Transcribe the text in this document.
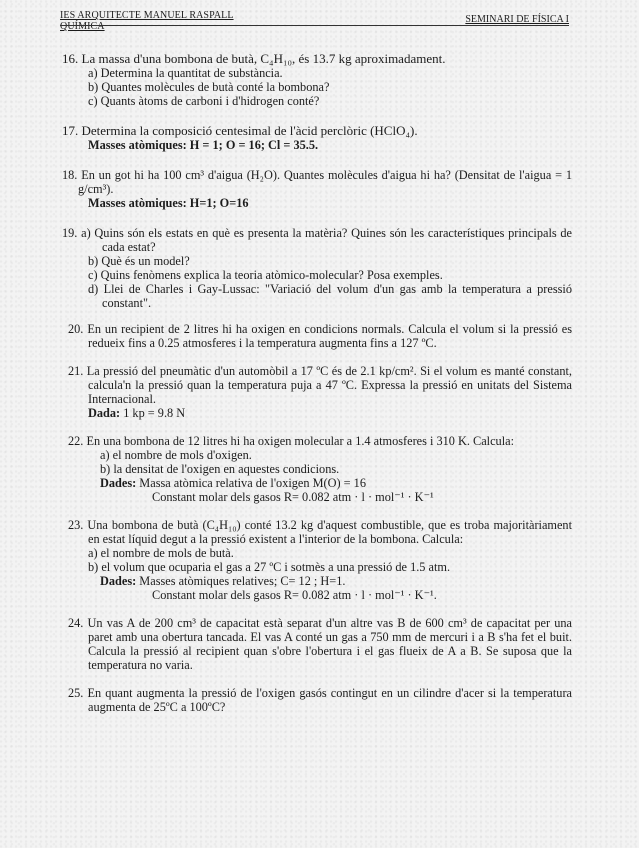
IES ARQUITECTE MANUEL RASPALL
QUÍMICA
SEMINARI DE FÍSICA I

16. La massa d'una bombona de butà, C₄H₁₀, és 13.7 kg aproximadament.

a) Determina la quantitat de substància.

b) Quantes molècules de butà conté la bombona?

c) Quants àtoms de carboni i d'hidrogen conté?

17. Determina la composició centesimal de l'àcid perclòric (HClO₄).

Masses atòmiques: H = 1; O = 16; Cl = 35.5.

18. En un got hi ha 100 cm³ d'aigua (H₂O). Quantes molècules d'aigua hi ha? (Densitat de l'aigua = 1 g/cm³).

Masses atòmiques: H=1; O=16

19. a) Quins són els estats en què es presenta la matèria? Quines són les característiques principals de cada estat?

b) Què és un model?

c) Quins fenòmens explica la teoria atòmico-molecular? Posa exemples.

d) Llei de Charles i Gay-Lussac: "Variació del volum d'un gas amb la temperatura a pressió constant".

20. En un recipient de 2 litres hi ha oxigen en condicions normals. Calcula el volum si la pressió es redueix fins a 0.25 atmosferes i la temperatura augmenta fins a 127 ºC.

21. La pressió del pneumàtic d'un automòbil a 17 ºC és de 2.1 kp/cm². Si el volum es manté constant, calcula'n la pressió quan la temperatura puja a 47 ºC. Expressa la pressió en unitats del Sistema Internacional.

Dada: 1 kp = 9.8 N

22. En una bombona de 12 litres hi ha oxigen molecular a 1.4 atmosferes i 310 K. Calcula:

a) el nombre de mols d'oxigen.

b) la densitat de l'oxigen en aquestes condicions.

Dades: Massa atòmica relativa de l'oxigen M(O) = 16

Constant molar dels gasos R= 0.082 atm · l · mol⁻¹ · K⁻¹

23. Una bombona de butà (C₄H₁₀) conté 13.2 kg d'aquest combustible, que es troba majoritàriament en estat líquid degut a la pressió existent a l'interior de la bombona. Calcula:

a) el nombre de mols de butà.

b) el volum que ocuparia el gas a 27 ºC i sotmès a una pressió de 1.5 atm.

Dades: Masses atòmiques relatives; C= 12 ; H=1.

Constant molar dels gasos R= 0.082 atm · l · mol⁻¹ · K⁻¹.

24. Un vas A de 200 cm³ de capacitat està separat d'un altre vas B de 600 cm³ de capacitat per una paret amb una obertura tancada. El vas A conté un gas a 750 mm de mercuri i a B s'ha fet el buit. Calcula la pressió al recipient quan s'obre l'obertura i el gas flueix de A a B. Se suposa que la temperatura no varia.

25. En quant augmenta la pressió de l'oxigen gasós contingut en un cilindre d'acer si la temperatura augmenta de 25ºC a 100ºC?
